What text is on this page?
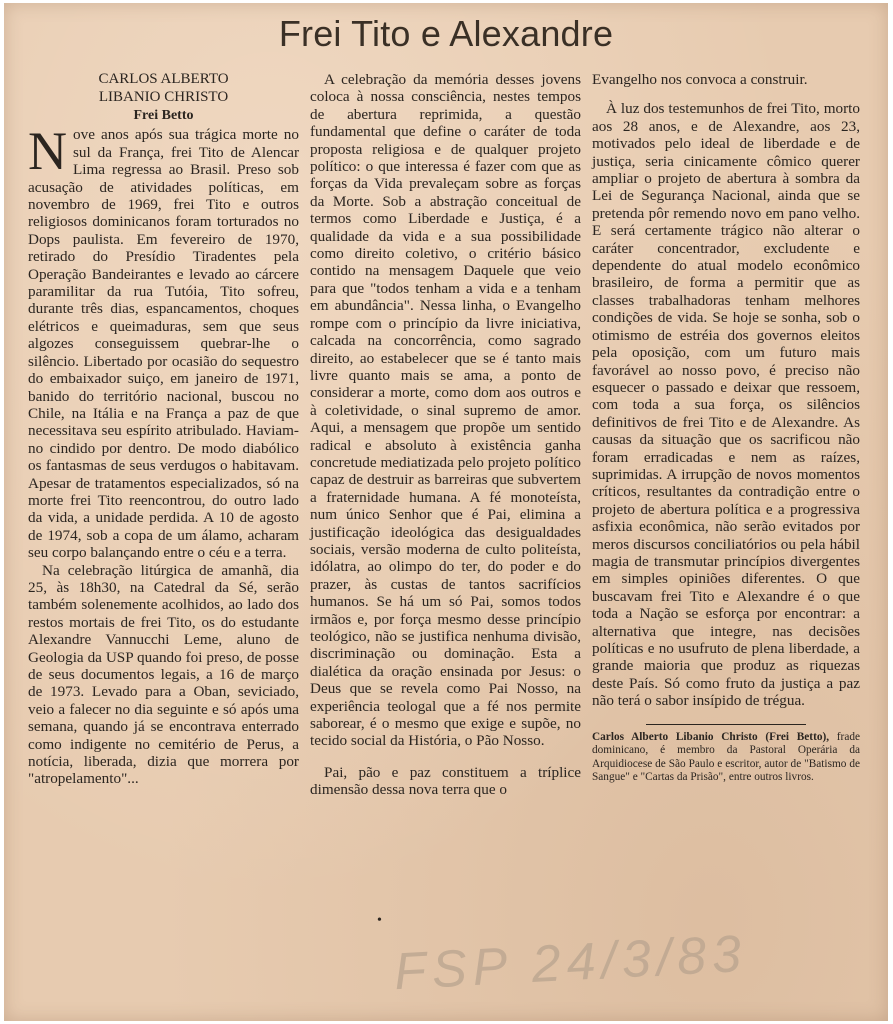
Frei Tito e Alexandre
CARLOS ALBERTO
LIBANIO CHRISTO
Frei Betto

Nove anos após sua trágica morte no sul da França, frei Tito de Alencar Lima regressa ao Brasil. Preso sob acusação de atividades políticas, em novembro de 1969, frei Tito e outros religiosos dominicanos foram torturados no Dops paulista. Em fevereiro de 1970, retirado do Presídio Tiradentes pela Operação Bandeirantes e levado ao cárcere paramilitar da rua Tutóia, Tito sofreu, durante três dias, espancamentos, choques elétricos e queimaduras, sem que seus algozes conseguissem quebrar-lhe o silêncio. Libertado por ocasião do sequestro do embaixador suiço, em janeiro de 1971, banido do território nacional, buscou no Chile, na Itália e na França a paz de que necessitava seu espírito atribulado. Haviam-no cindido por dentro. De modo diabólico os fantasmas de seus verdugos o habitavam. Apesar de tratamentos especializados, só na morte frei Tito reencontrou, do outro lado da vida, a unidade perdida. A 10 de agosto de 1974, sob a copa de um álamo, acharam seu corpo balançando entre o céu e a terra.

Na celebração litúrgica de amanhã, dia 25, às 18h30, na Catedral da Sé, serão também solenemente acolhidos, ao lado dos restos mortais de frei Tito, os do estudante Alexandre Vannucchi Leme, aluno de Geologia da USP quando foi preso, de posse de seus documentos legais, a 16 de março de 1973. Levado para a Oban, seviciado, veio a falecer no dia seguinte e só após uma semana, quando já se encontrava enterrado como indigente no cemitério de Perus, a notícia, liberada, dizia que morrera por "atropelamento"...

A celebração da memória desses jovens coloca à nossa consciência, nestes tempos de abertura reprimida, a questão fundamental que define o caráter de toda proposta religiosa e de qualquer projeto político: o que interessa é fazer com que as forças da Vida prevaleçam sobre as forças da Morte. Sob a abstração conceitual de termos como Liberdade e Justiça, é a qualidade da vida e a sua possibilidade como direito coletivo, o critério básico contido na mensagem Daquele que veio para que "todos tenham a vida e a tenham em abundância". Nessa linha, o Evangelho rompe com o princípio da livre iniciativa, calcada na concorrência, como sagrado direito, ao estabelecer que se é tanto mais livre quanto mais se ama, a ponto de considerar a morte, como dom aos outros e à coletividade, o sinal supremo de amor. Aqui, a mensagem que propõe um sentido radical e absoluto à existência ganha concretude mediatizada pelo projeto político capaz de destruir as barreiras que subvertem a fraternidade humana. A fé monoteísta, num único Senhor que é Pai, elimina a justificação ideológica das desigualdades sociais, versão moderna de culto politeísta, idólatra, ao olimpo do ter, do poder e do prazer, às custas de tantos sacrifícios humanos. Se há um só Pai, somos todos irmãos e, por força mesmo desse princípio teológico, não se justifica nenhuma divisão, discriminação ou dominação. Esta a dialética da oração ensinada por Jesus: o Deus que se revela como Pai Nosso, na experiência teologal que a fé nos permite saborear, é o mesmo que exige e supõe, no tecido social da História, o Pão Nosso.

Pai, pão e paz constituem a tríplice dimensão dessa nova terra que o

Evangelho nos convoca a construir.

À luz dos testemunhos de frei Tito, morto aos 28 anos, e de Alexandre, aos 23, motivados pelo ideal de liberdade e de justiça, seria cinicamente cômico querer ampliar o projeto de abertura à sombra da Lei de Segurança Nacional, ainda que se pretenda pôr remendo novo em pano velho. E será certamente trágico não alterar o caráter concentrador, excludente e dependente do atual modelo econômico brasileiro, de forma a permitir que as classes trabalhadoras tenham melhores condições de vida. Se hoje se sonha, sob o otimismo de estréia dos governos eleitos pela oposição, com um futuro mais favorável ao nosso povo, é preciso não esquecer o passado e deixar que ressoem, com toda a sua força, os silêncios definitivos de frei Tito e de Alexandre. As causas da situação que os sacrificou não foram erradicadas e nem as raízes, suprimidas. A irrupção de novos momentos críticos, resultantes da contradição entre o projeto de abertura política e a progressiva asfixia econômica, não serão evitados por meros discursos conciliatórios ou pela hábil magia de transmutar princípios divergentes em simples opiniões diferentes. O que buscavam frei Tito e Alexandre é o que toda a Nação se esforça por encontrar: a alternativa que integre, nas decisões políticas e no usufruto de plena liberdade, a grande maioria que produz as riquezas deste País. Só como fruto da justiça a paz não terá o sabor insípido de trégua.

Carlos Alberto Libanio Christo (Frei Betto), frade dominicano, é membro da Pastoral Operária da Arquidiocese de São Paulo e escritor, autor de "Batismo de Sangue" e "Cartas da Prisão", entre outros livros.
•
FSP 24/3/83
